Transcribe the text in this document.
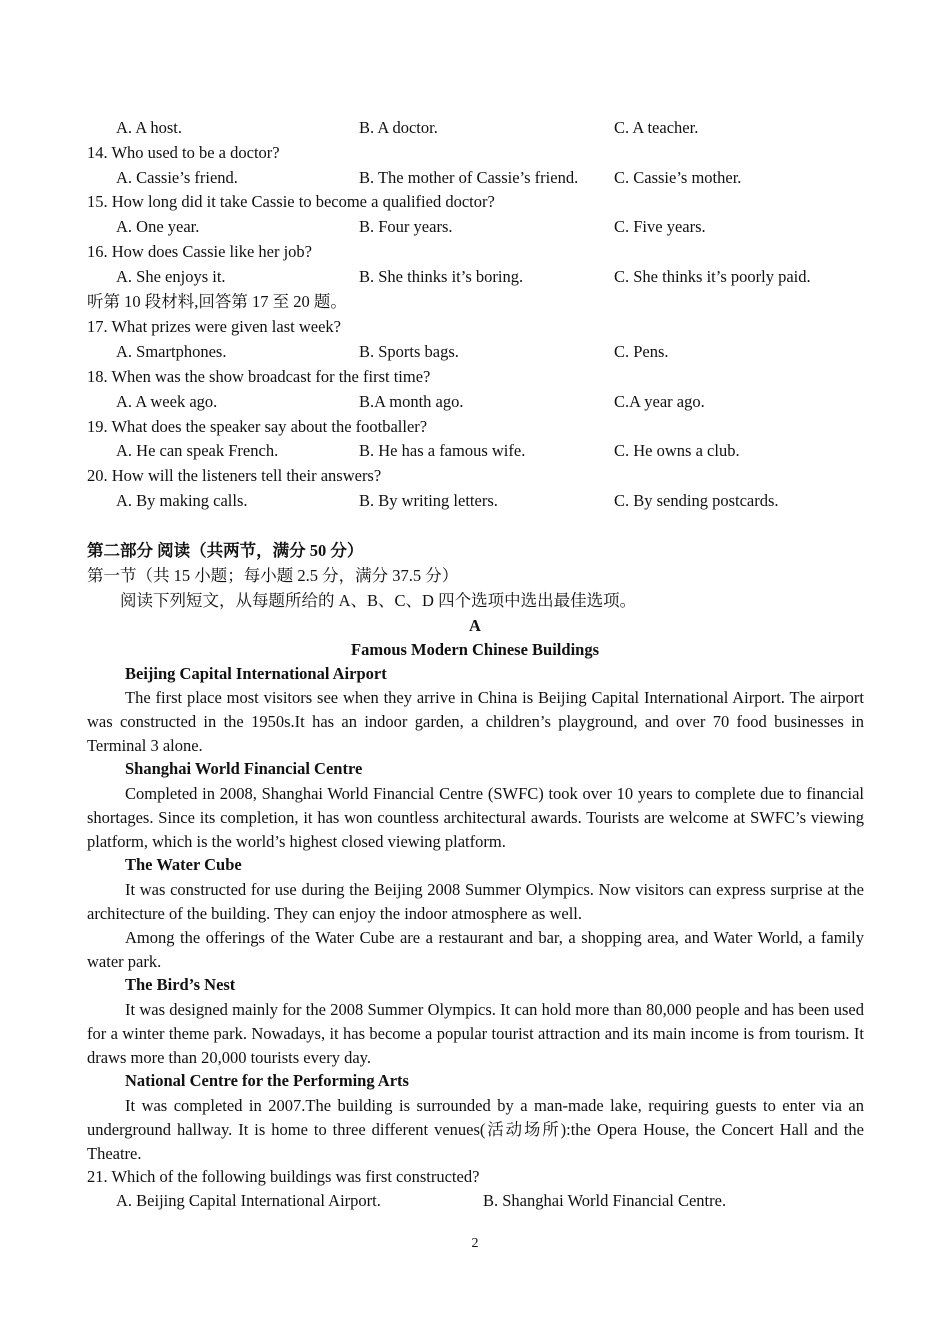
A. A host.	B. A doctor.	C. A teacher.
14. Who used to be a doctor?
A. Cassie’s friend.	B. The mother of Cassie’s friend. C. Cassie’s mother.
15. How long did it take Cassie to become a qualified doctor?
A. One year.	B. Four years.	C. Five years.
16. How does Cassie like her job?
A. She enjoys it.	B. She thinks it’s boring.	C. She thinks it’s poorly paid.
听第 10 段材料,回答第 17 至 20 题。
17. What prizes were given last week?
A. Smartphones.	B. Sports bags.	C. Pens.
18. When was the show broadcast for the first time?
A. A week ago.	B.A month ago.	C.A year ago.
19. What does the speaker say about the footballer?
A. He can speak French.	B. He has a famous wife.	C. He owns a club.
20. How will the listeners tell their answers?
A. By making calls.	B. By writing letters.	C. By sending postcards.
第二部分 阅读（共两节，满分 50 分）
第一节（共 15 小题；每小题 2.5 分，满分 37.5 分）
阅读下列短文，从每题所给的 A、B、C、D 四个选项中选出最佳选项。
A
Famous Modern Chinese Buildings
Beijing Capital International Airport
The first place most visitors see when they arrive in China is Beijing Capital International Airport. The airport was constructed in the 1950s.It has an indoor garden, a children’s playground, and over 70 food businesses in Terminal 3 alone.
Shanghai World Financial Centre
Completed in 2008, Shanghai World Financial Centre (SWFC) took over 10 years to complete due to financial shortages. Since its completion, it has won countless architectural awards. Tourists are welcome at SWFC’s viewing platform, which is the world’s highest closed viewing platform.
The Water Cube
It was constructed for use during the Beijing 2008 Summer Olympics. Now visitors can express surprise at the architecture of the building. They can enjoy the indoor atmosphere as well.
Among the offerings of the Water Cube are a restaurant and bar, a shopping area, and Water World, a family water park.
The Bird’s Nest
It was designed mainly for the 2008 Summer Olympics. It can hold more than 80,000 people and has been used for a winter theme park. Nowadays, it has become a popular tourist attraction and its main income is from tourism. It draws more than 20,000 tourists every day.
National Centre for the Performing Arts
It was completed in 2007.The building is surrounded by a man-made lake, requiring guests to enter via an underground hallway. It is home to three different venues(活动场所):the Opera House, the Concert Hall and the Theatre.
21. Which of the following buildings was first constructed?
A. Beijing Capital International Airport.	B. Shanghai World Financial Centre.
2
